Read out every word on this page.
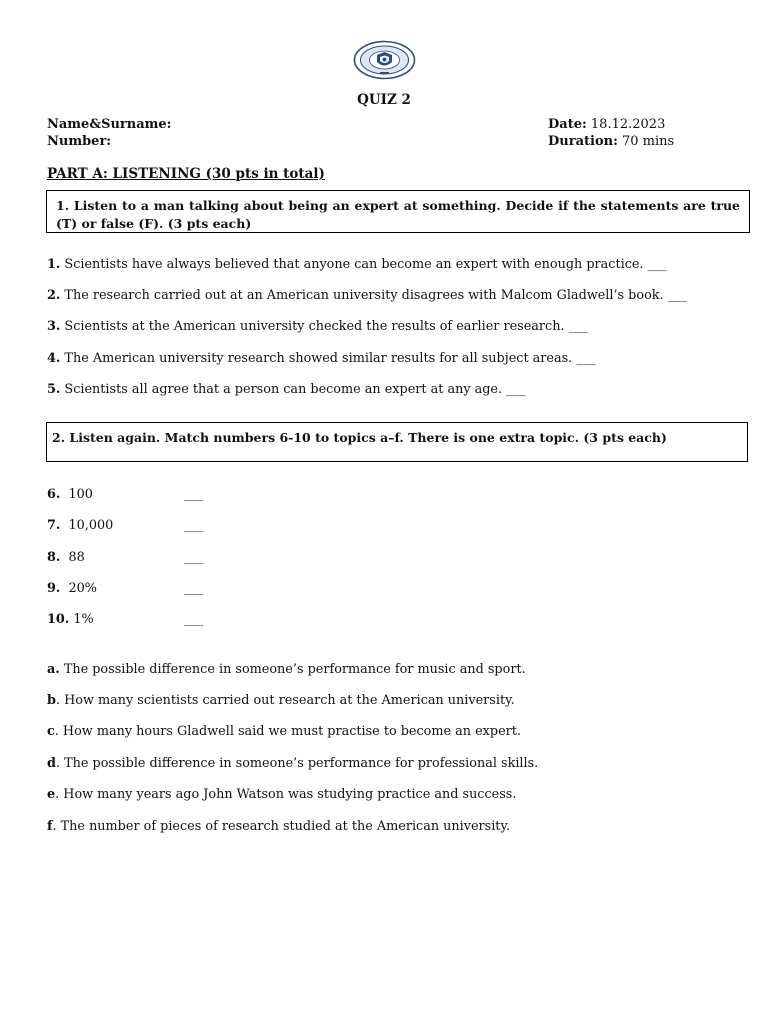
QUIZ 2
Name&Surname:
Number:
Date: 18.12.2023
Duration: 70 mins
PART A: LISTENING (30 pts in total)
1. Listen to a man talking about being an expert at something. Decide if the statements are true (T) or false (F). (3 pts each)
1. Scientists have always believed that anyone can become an expert with enough practice. ___
2. The research carried out at an American university disagrees with Malcom Gladwell’s book. ___
3. Scientists at the American university checked the results of earlier research. ___
4. The American university research showed similar results for all subject areas. ___
5. Scientists all agree that a person can become an expert at any age. ___
2. Listen again. Match numbers 6-10 to topics a–f. There is one extra topic. (3 pts each)
6. 100	___
7. 10,000	___
8. 88	___
9. 20%	___
10. 1%	___
a. The possible difference in someone’s performance for music and sport.
b. How many scientists carried out research at the American university.
c. How many hours Gladwell said we must practise to become an expert.
d. The possible difference in someone’s performance for professional skills.
e. How many years ago John Watson was studying practice and success.
f. The number of pieces of research studied at the American university.
